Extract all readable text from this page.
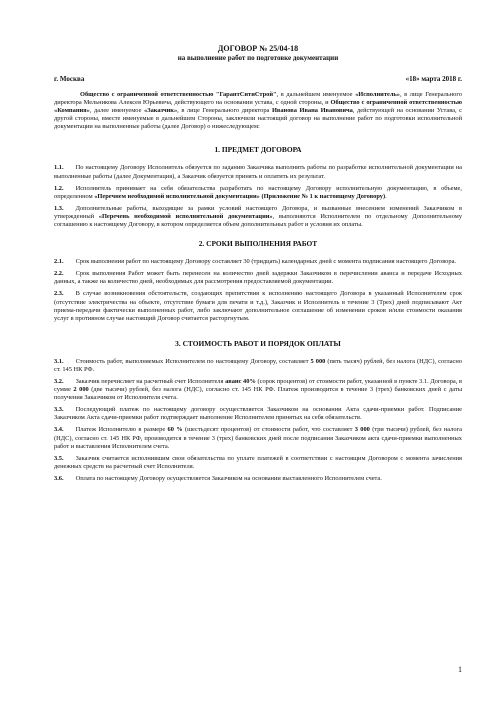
ДОГОВОР № 25/04-18
на выполнение работ по подготовке документации
г. Москва	«18» марта 2018 г.

Общество с ограниченной ответственностью "ГарантСитиСтрой", в дальнейшем именуемое «Исполнитель», в лице Генерального директора Мельникова Алексея Юрьевича, действующего на основании устава, с одной стороны, и Общество с ограниченной ответственностью «Компания», далее именуемое «Заказчик», в лице Генерального директора Иванова Ивана Ивановича, действующей на основании Устава, с другой стороны, вместе именуемые в дальнейшем Стороны, заключили настоящий договор на выполнение работ по подготовки исполнительной документации на выполненные работы (далее Договор) о нижеследующем:

1. ПРЕДМЕТ ДОГОВОРА

1.1. По настоящему Договору Исполнитель обязуется по заданию Заказчика выполнить работы по разработке исполнительной документации на выполненные работы (далее Документация), а Заказчик обязуется принять и оплатить их результат.

1.2. Исполнитель принимает на себя обязательства разработать по настоящему Договору исполнительную документацию, в объеме, определенном «Перечнем необходимой исполнительной документации» (Приложение № 1 к настоящему Договору).

1.3. Дополнительные работы, выходящие за рамки условий настоящего Договора, и вызванные внесением изменений Заказчиком в утвержденный «Перечень необходимой исполнительной документации», выполняются Исполнителем по отдельному Дополнительному соглашению к настоящему Договору, в котором определяется объем дополнительных работ и условия их оплаты.

2. СРОКИ ВЫПОЛНЕНИЯ РАБОТ

2.1. Срок выполнения работ по настоящему Договору составляет 30 (тридцать) календарных дней с момента подписания настоящего Договора.

2.2. Срок выполнения Работ может быть перенесен на количество дней задержки Заказчиком в перечислении аванса и передаче Исходных данных, а также на количество дней, необходимых для рассмотрения предоставляемой документации.

2.3. В случае возникновения обстоятельств, создающих препятствия к исполнению настоящего Договора в указанный Исполнителем срок (отсутствие электричества на объекте, отсутствие бумаги для печати и т.д.), Заказчик и Исполнитель в течение 3 (Трех) дней подписывают Акт приема-передачи фактически выполненных работ, либо заключают дополнительное соглашение об изменении сроков и/или стоимости оказания услуг в противном случае настоящий Договор считается расторгнутым.

3. СТОИМОСТЬ РАБОТ И ПОРЯДОК ОПЛАТЫ

3.1. Стоимость работ, выполняемых Исполнителем по настоящему Договору, составляет 5 000 (пять тысяч) рублей, без налога (НДС), согласно ст. 145 НК РФ.

3.2. Заказчик перечисляет на расчетный счет Исполнителя аванс 40% (сорок процентов) от стоимости работ, указанной в пункте 3.1. Договора, в сумме 2 000 (две тысячи) рублей, без налога (НДС), согласно ст. 145 НК РФ. Платеж производится в течение 3 (трех) банковских дней с даты получения Заказчиком от Исполнителя счета.

3.3. Последующий платеж по настоящему договору осуществляется Заказчиком на основании Акта сдачи-приемки работ. Подписание Заказчиком Акта сдачи-приемки работ подтверждает выполнение Исполнителем принятых на себя обязательств.

3.4. Платеж Исполнителю в размере 60 % (шестьдесят процентов) от стоимости работ, что составляет 3 000 (три тысячи) рублей, без налога (НДС), согласно ст. 145 НК РФ, производится в течение 3 (трех) банковских дней после подписания Заказчиком акта сдачи-приемки выполненных работ и выставления Исполнителем счета.

3.5. Заказчик считается исполнившим свои обязательства по уплате платежей в соответствии с настоящим Договором с момента зачисления денежных средств на расчетный счет Исполнителя.

3.6. Оплата по настоящему Договору осуществляется Заказчиком на основании выставленного Исполнителем счета.

1
